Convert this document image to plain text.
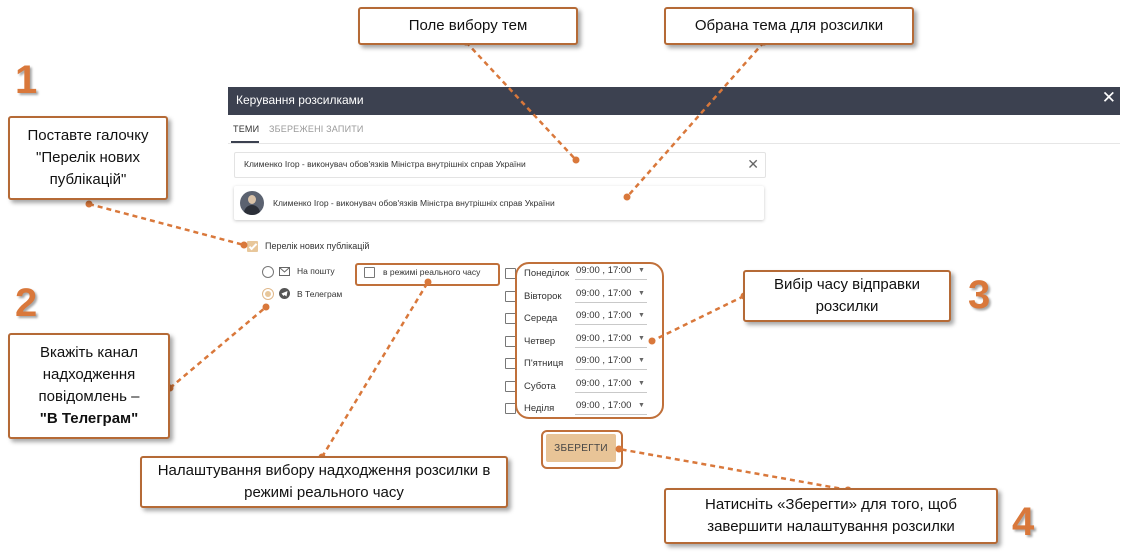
Керування розсилками	✕
ТЕМИ ЗБЕРЕЖЕНІ ЗАПИТИ
Клименко Ігор - виконувач обов'язків Міністра внутрішніх справ України	✕
Клименко Ігор - виконувач обов'язків Міністра внутрішніх справ України
Перелік нових публікацій
На пошту
В Телеграм
в режимі реального часу	Понеділок 09:00 , 17:00 ▼
Вівторок 09:00 , 17:00 ▼
Середа 09:00 , 17:00 ▼
Четвер 09:00 , 17:00 ▼
П'ятниця 09:00 , 17:00 ▼
Субота 09:00 , 17:00 ▼
Неділя 09:00 , 17:00 ▼
ЗБЕРЕГТИ
Поле вибору тем	Обрана тема для розсилки
Поставте галочку "Перелік нових публікацій"
Вкажіть канал надходження повідомлень –
"В Телеграм"
Вибір часу відправки розсилки
Налаштування вибору надходження розсилки в режимі реального часу
Натисніть «Зберегти» для того, щоб завершити налаштування розсилки
1
2	3
4
